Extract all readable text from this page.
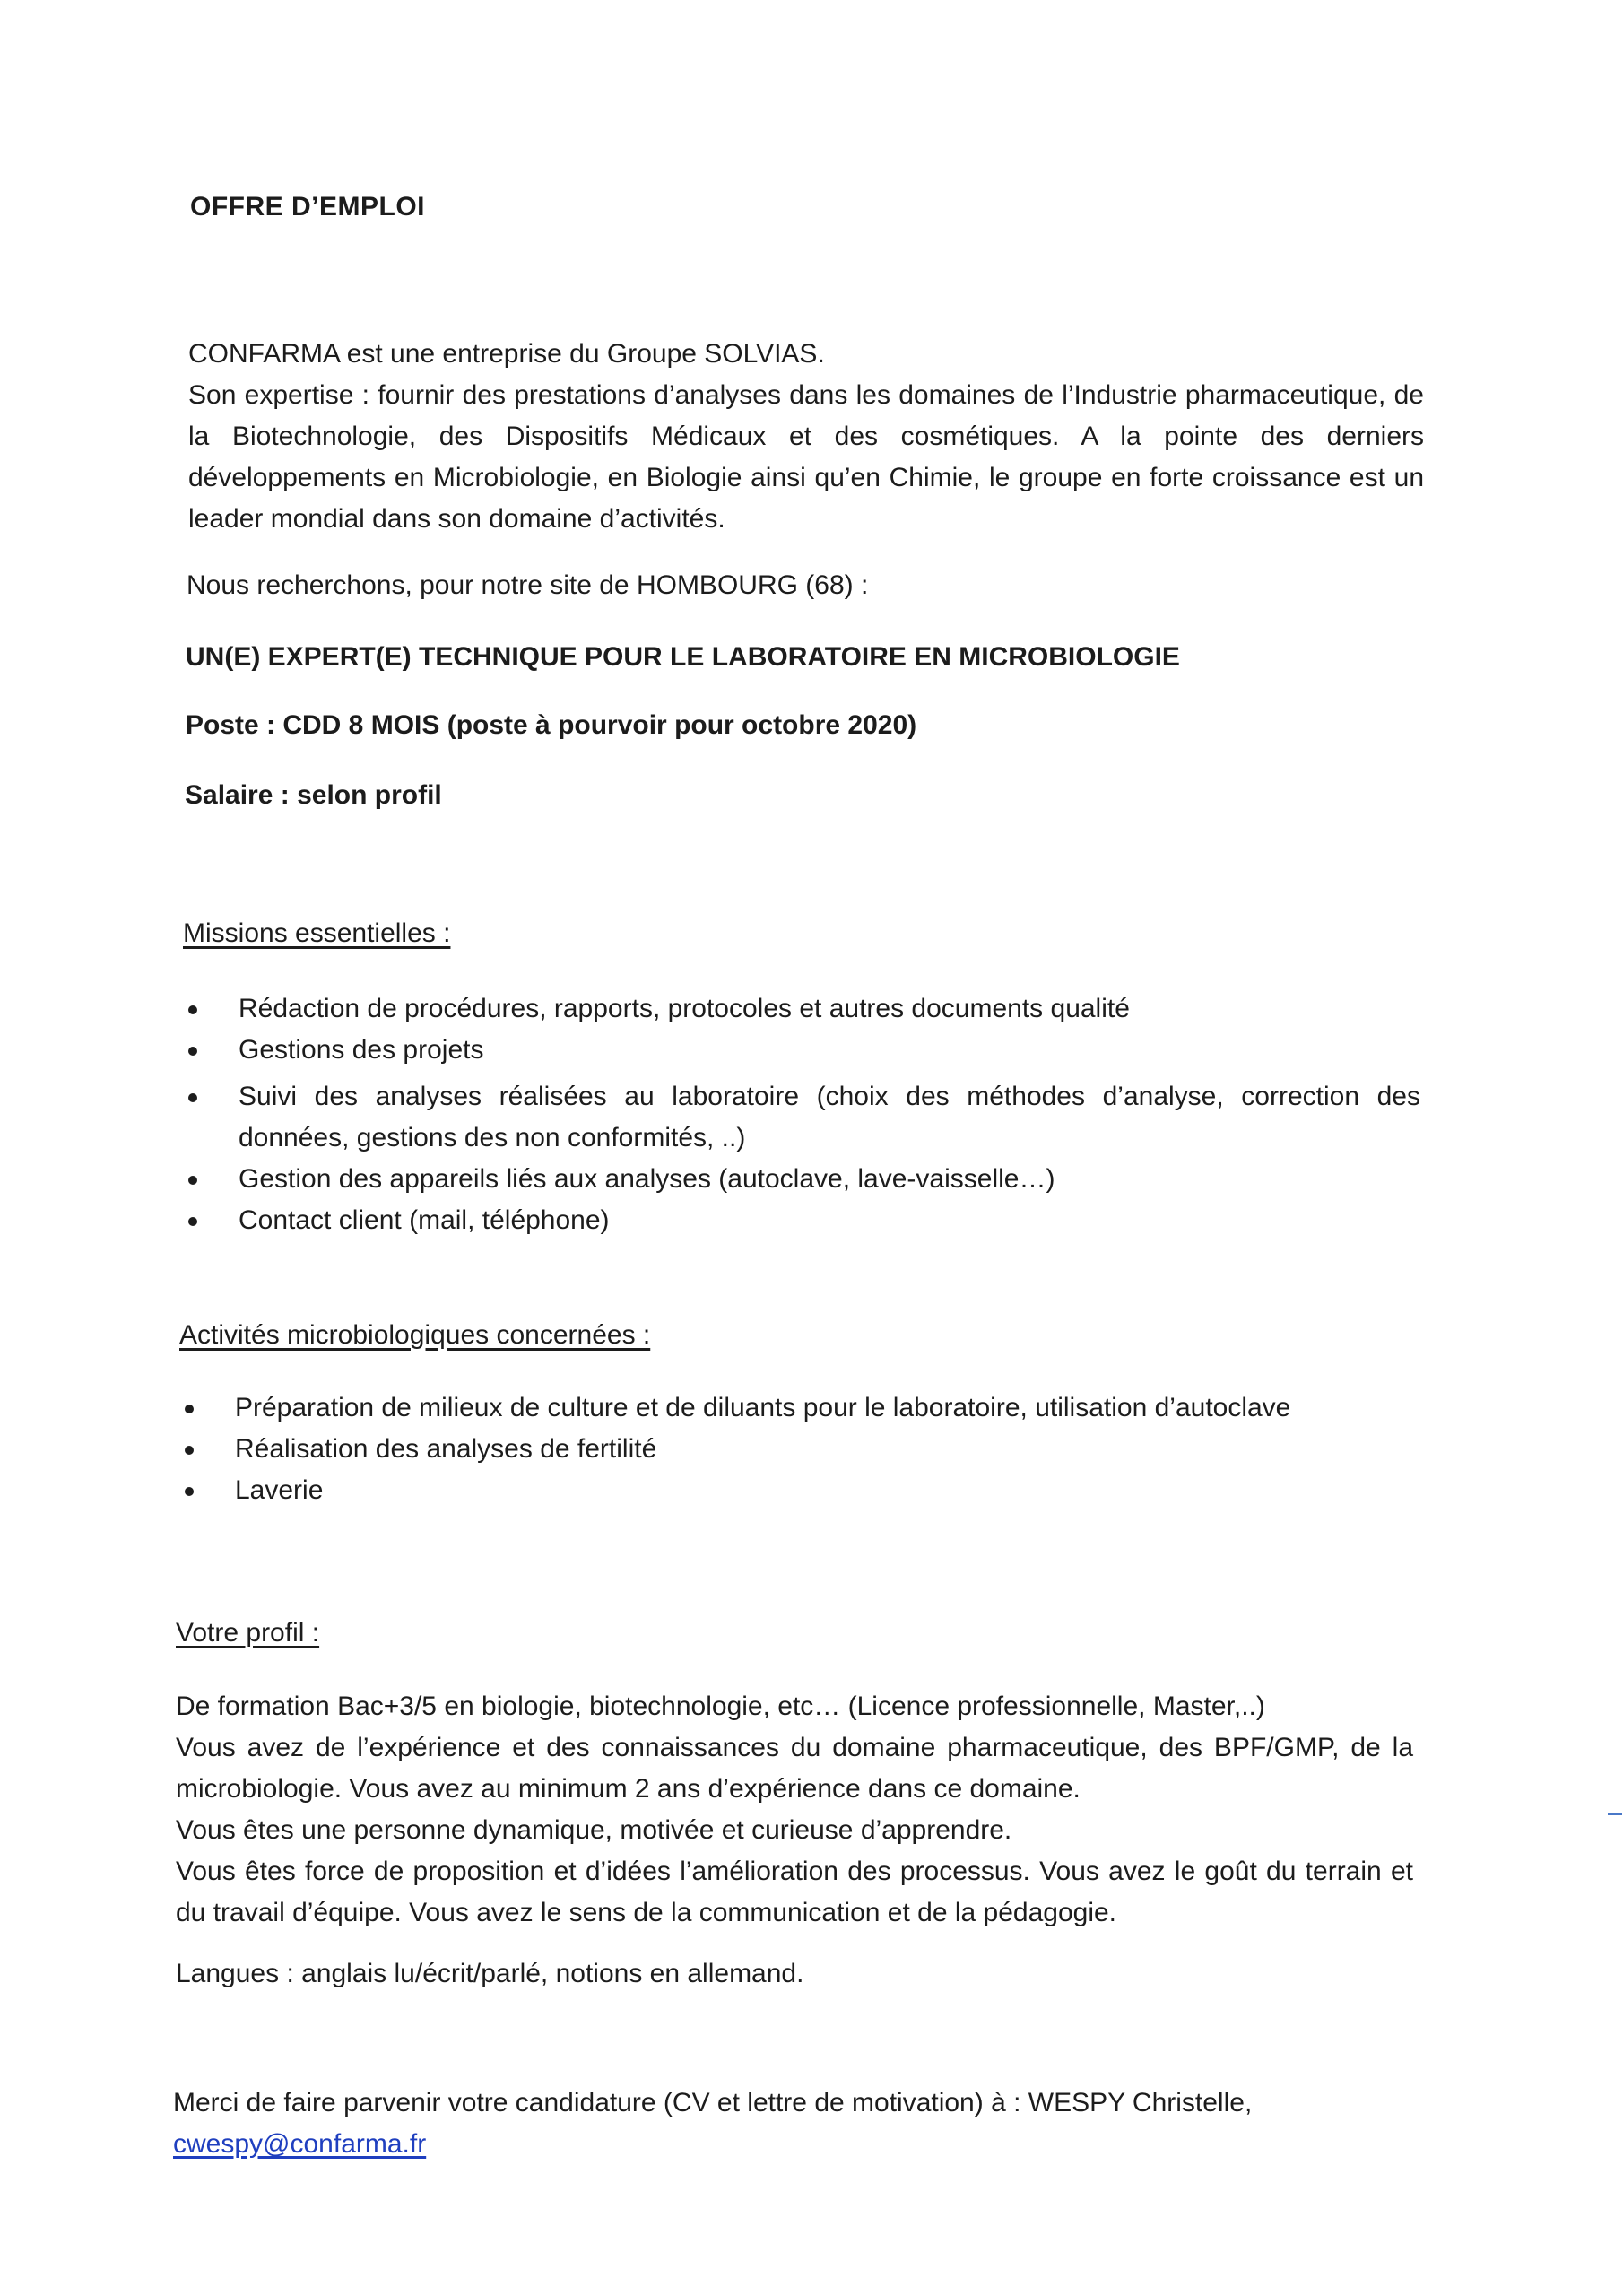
OFFRE D’EMPLOI
CONFARMA est une entreprise du Groupe SOLVIAS.
Son expertise : fournir des prestations d’analyses dans les domaines de l’Industrie pharmaceutique, de la Biotechnologie, des Dispositifs Médicaux et des cosmétiques. A la pointe des derniers développements en Microbiologie, en Biologie ainsi qu’en Chimie, le groupe en forte croissance est un leader mondial dans son domaine d’activités.
Nous recherchons, pour notre site de HOMBOURG (68) :
UN(E) EXPERT(E) TECHNIQUE POUR LE LABORATOIRE EN MICROBIOLOGIE
Poste : CDD 8 MOIS (poste à pourvoir pour octobre 2020)
Salaire : selon profil
Missions essentielles :
Rédaction de procédures, rapports, protocoles et autres documents qualité
Gestions des projets
Suivi des analyses réalisées au laboratoire (choix des méthodes d’analyse, correction des données, gestions des non conformités, ..)
Gestion des appareils liés aux analyses (autoclave, lave-vaisselle…)
Contact client (mail, téléphone)
Activités microbiologiques concernées :
Préparation de milieux de culture et de diluants pour le laboratoire, utilisation d’autoclave
Réalisation des analyses de fertilité
Laverie
Votre profil :
De formation Bac+3/5 en biologie, biotechnologie, etc… (Licence professionnelle, Master,..)
Vous avez de l’expérience et des connaissances du domaine pharmaceutique, des BPF/GMP, de la microbiologie. Vous avez au minimum 2 ans d’expérience dans ce domaine.
Vous êtes une personne dynamique, motivée et curieuse d’apprendre.
Vous êtes force de proposition et d’idées l’amélioration des processus. Vous avez le goût du terrain et du travail d’équipe. Vous avez le sens de la communication et de la pédagogie.
Langues : anglais lu/écrit/parlé, notions en allemand.
Merci de faire parvenir votre candidature (CV et lettre de motivation) à : WESPY Christelle,
cwespy@confarma.fr
